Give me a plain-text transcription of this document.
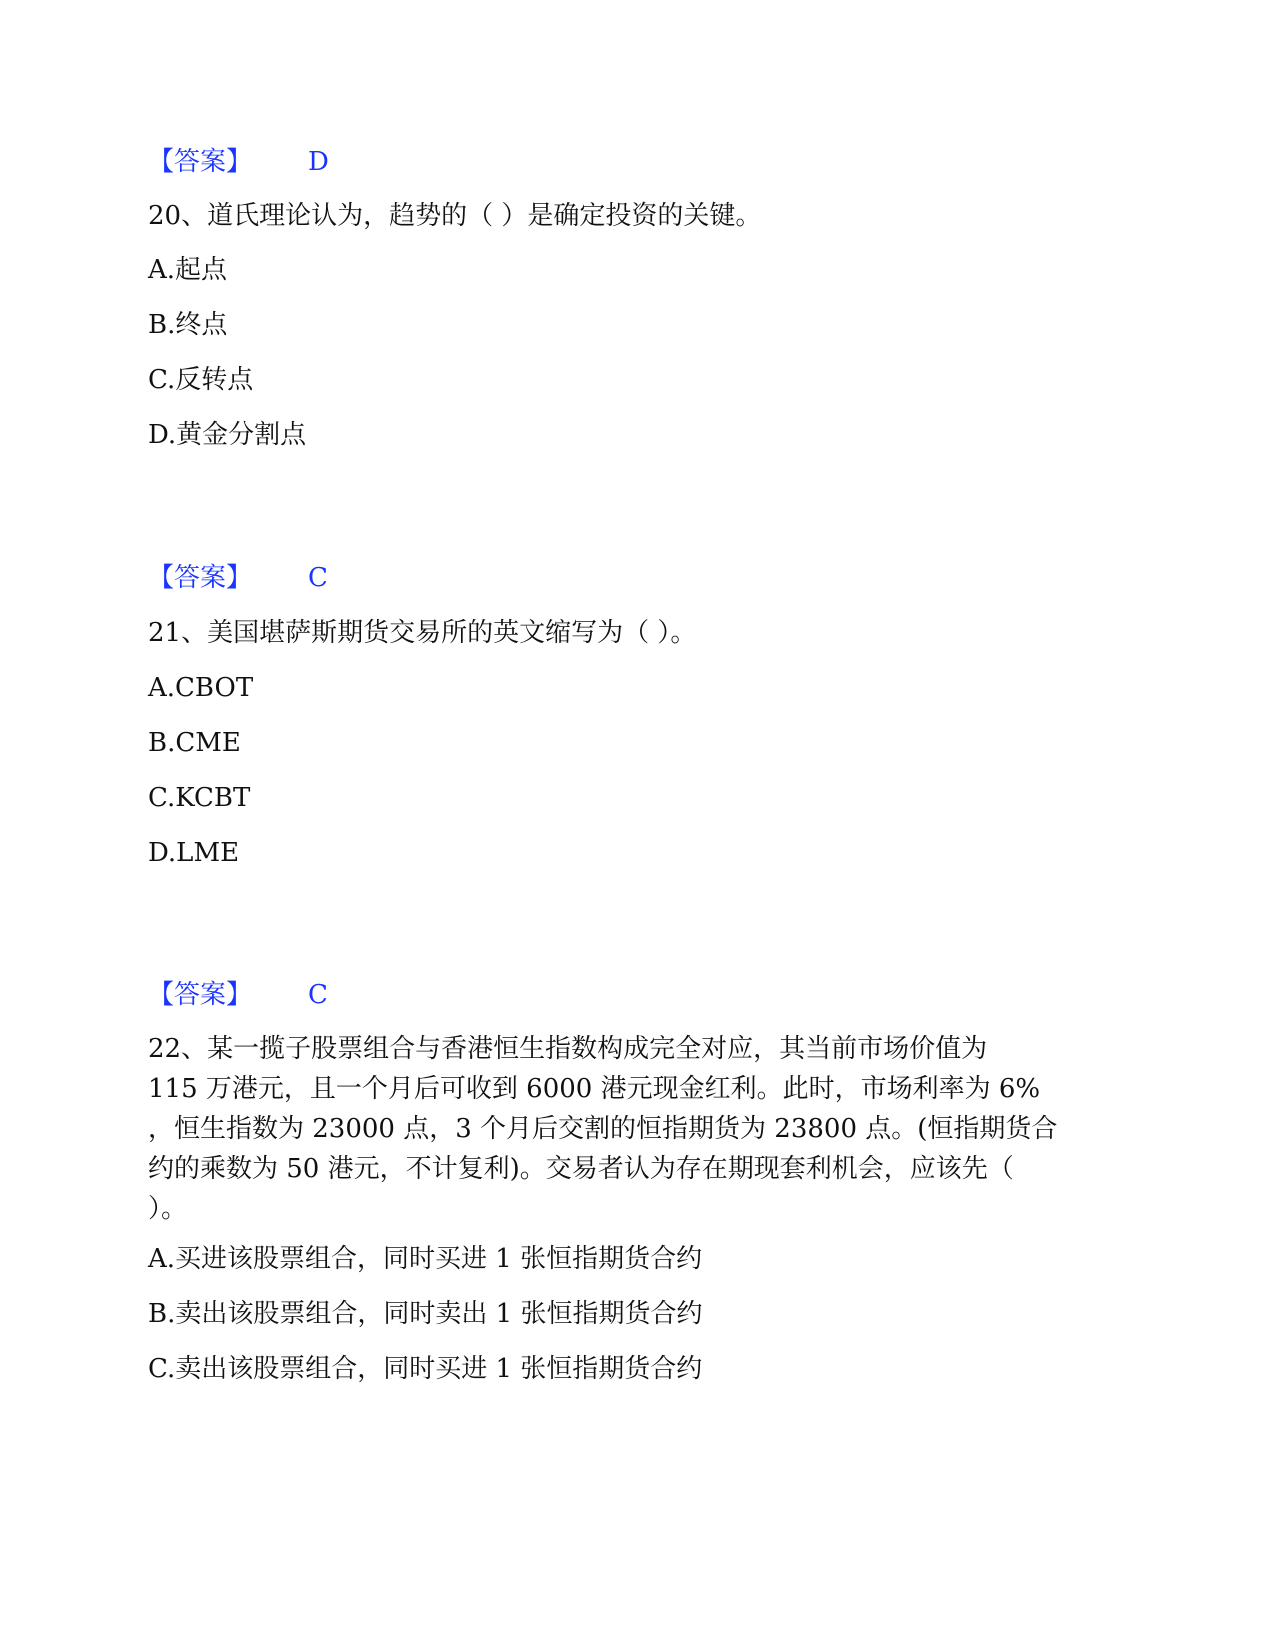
【答案】 D
20、道氏理论认为，趋势的（ ）是确定投资的关键。
A.起点
B.终点
C.反转点
D.黄金分割点
【答案】 C
21、美国堪萨斯期货交易所的英文缩写为（ ）。
A.CBOT
B.CME
C.KCBT
D.LME
【答案】 C
22、某一揽子股票组合与香港恒生指数构成完全对应，其当前市场价值为
115 万港元，且一个月后可收到 6000 港元现金红利。此时，市场利率为 6%
，恒生指数为 23000 点，3 个月后交割的恒指期货为 23800 点。(恒指期货合
约的乘数为 50 港元，不计复利)。交易者认为存在期现套利机会，应该先（
）。
A.买进该股票组合，同时买进 1 张恒指期货合约
B.卖出该股票组合，同时卖出 1 张恒指期货合约
C.卖出该股票组合，同时买进 1 张恒指期货合约
